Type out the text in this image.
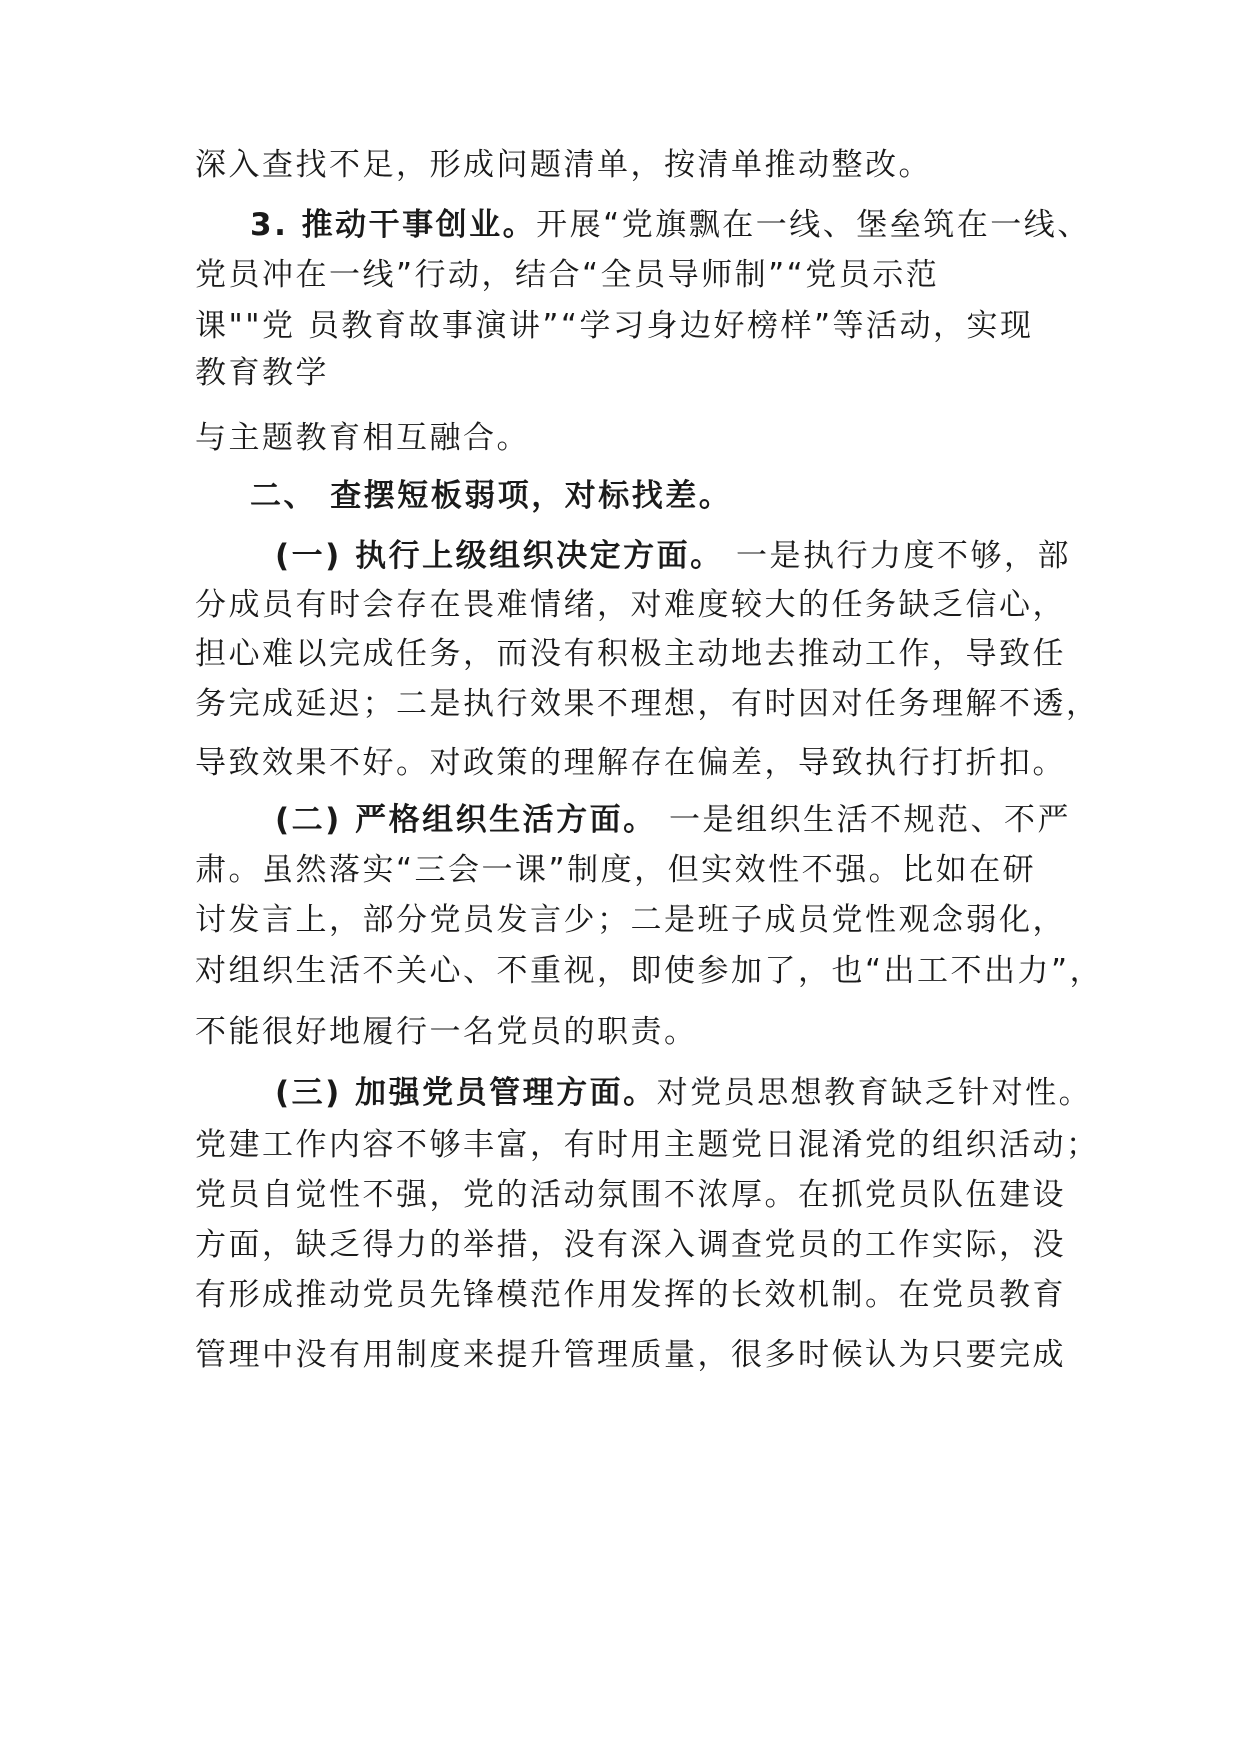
深入查找不足，形成问题清单，按清单推动整改。
3. 推动干事创业。开展“党旗飘在一线、堡垒筑在一线、
党员冲在一线”行动，结合“全员导师制”“党员示范
课""党 员教育故事演讲”“学习身边好榜样”等活动，实现
教育教学
与主题教育相互融合。
二、 查摆短板弱项，对标找差。
(一) 执行上级组织决定方面。 一是执行力度不够，部
分成员有时会存在畏难情绪，对难度较大的任务缺乏信心，
担心难以完成任务，而没有积极主动地去推动工作，导致任
务完成延迟；二是执行效果不理想，有时因对任务理解不透，
导致效果不好。对政策的理解存在偏差，导致执行打折扣。
(二) 严格组织生活方面。 一是组织生活不规范、不严
肃。虽然落实“三会一课”制度，但实效性不强。比如在研
讨发言上，部分党员发言少；二是班子成员党性观念弱化，
对组织生活不关心、不重视，即使参加了，也“出工不出力”，
不能很好地履行一名党员的职责。
(三) 加强党员管理方面。对党员思想教育缺乏针对性。
党建工作内容不够丰富，有时用主题党日混淆党的组织活动；
党员自觉性不强，党的活动氛围不浓厚。在抓党员队伍建设
方面，缺乏得力的举措，没有深入调查党员的工作实际，没
有形成推动党员先锋模范作用发挥的长效机制。在党员教育
管理中没有用制度来提升管理质量，很多时候认为只要完成
